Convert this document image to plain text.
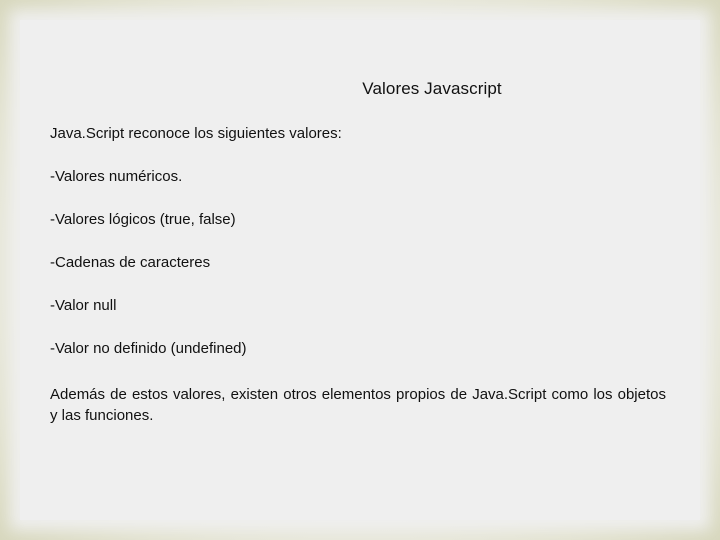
Valores Javascript

Java.Script reconoce los siguientes valores:

-Valores numéricos.

-Valores lógicos (true, false)

-Cadenas de caracteres

-Valor null

-Valor no definido (undefined)

Además de estos valores, existen otros elementos propios de Java.Script como los objetos y las funciones.
